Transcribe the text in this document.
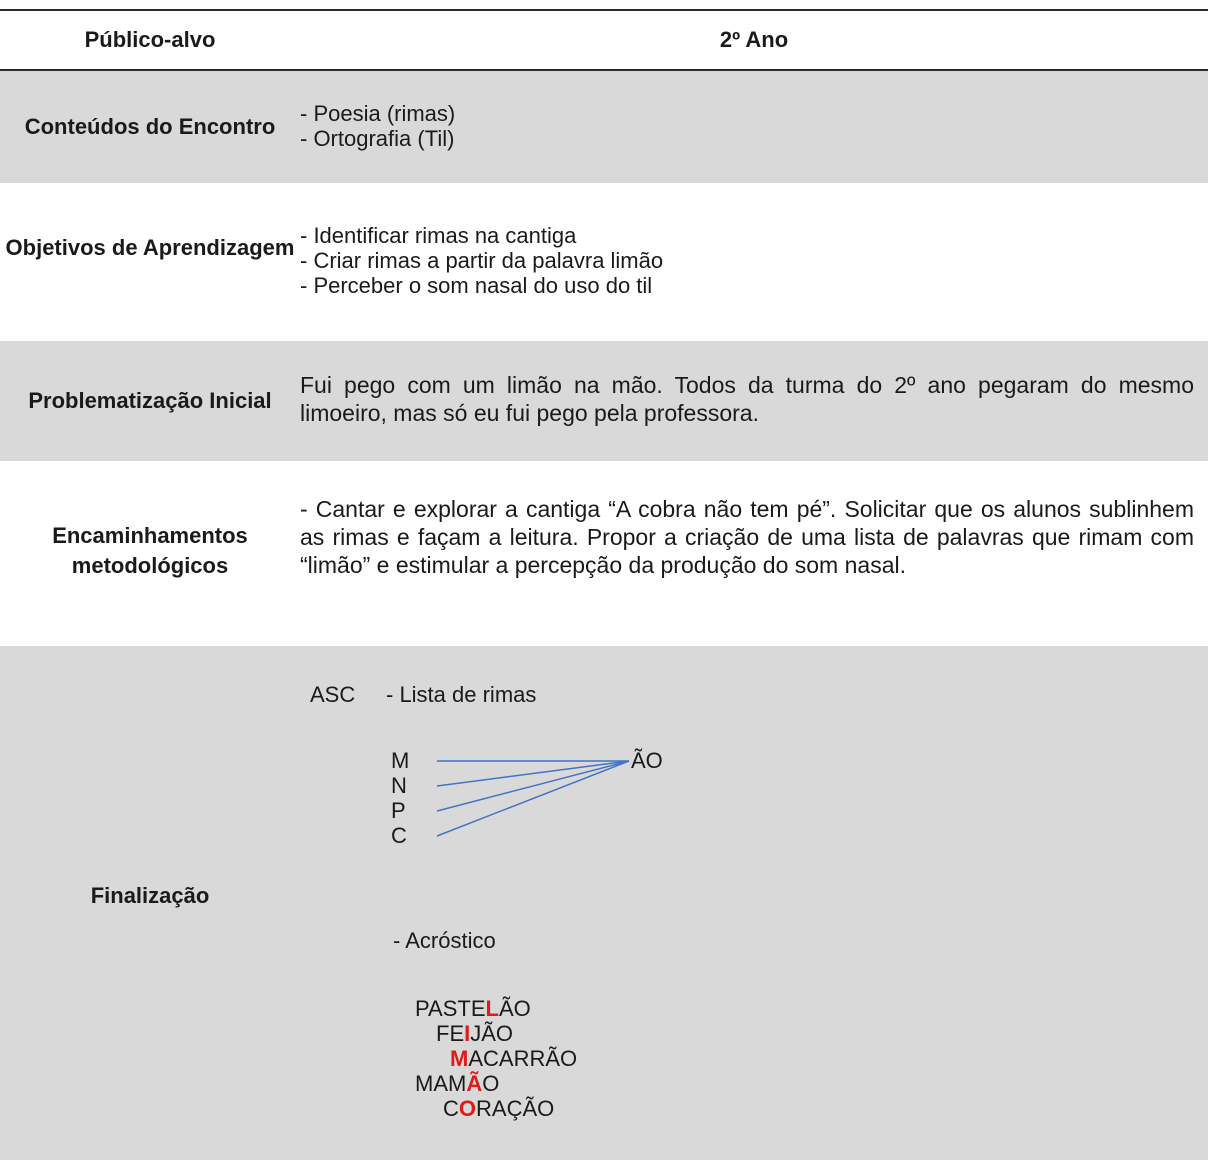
Público-alvo	2º Ano
Conteúdos do Encontro
- Poesia (rimas)
- Ortografia (Til)
Objetivos de Aprendizagem - Identificar rimas na cantiga
- Criar rimas a partir da palavra limão
- Perceber o som nasal do uso do til
Problematização Inicial
Fui pego com um limão na mão. Todos da turma do 2º ano pegaram do mesmo limoeiro, mas só eu fui pego pela professora.
Encaminhamentos metodológicos
- Cantar e explorar a cantiga “A cobra não tem pé”. Solicitar que os alunos sublinhem as rimas e façam a leitura. Propor a criação de uma lista de palavras que rimam com “limão” e estimular a percepção da produção do som nasal.
Finalização
ASC - Lista de rimas
M
N
P
C
ÃO
- Acróstico
PASTELÃO
FEIJÃO
MACARRÃO
MAMÃO
CORAÇÃO
